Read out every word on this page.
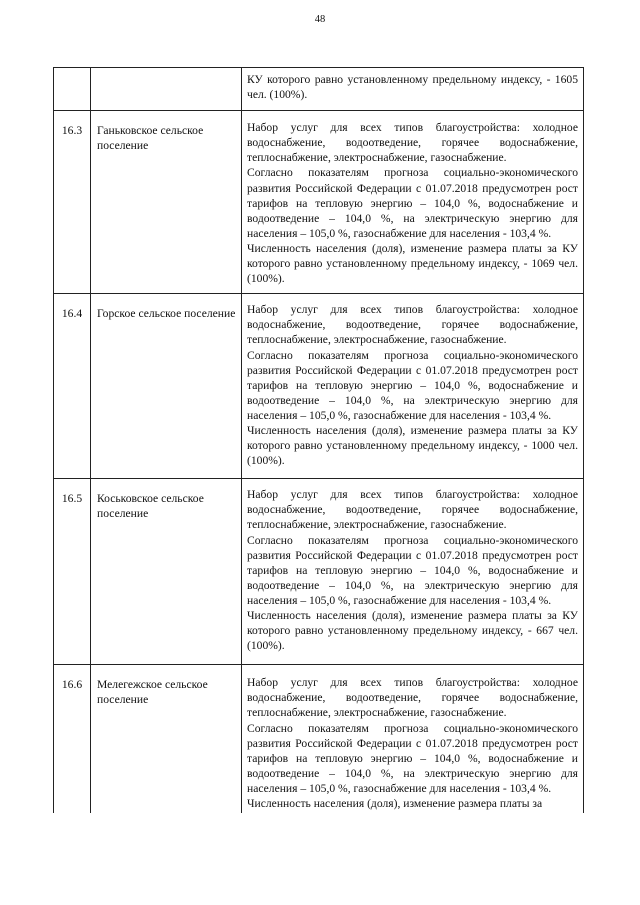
48

		КУ которого равно установленному предельному индексу, - 1605 чел. (100%).

16.3	Ганьковское сельское поселение	Набор услуг для всех типов благоустройства: холодное водоснабжение, водоотведение, горячее водоснабжение, теплоснабжение, электроснабжение, газоснабжение.

Согласно показателям прогноза социально-экономического развития Российской Федерации с 01.07.2018 предусмотрен рост тарифов на тепловую энергию – 104,0 %, водоснабжение и водоотведение – 104,0 %, на электрическую энергию для населения – 105,0 %, газоснабжение для населения - 103,4 %.

Численность населения (доля), изменение размера платы за КУ которого равно установленному предельному индексу, - 1069 чел. (100%).

16.4	Горское сельское поселение	Набор услуг для всех типов благоустройства: холодное водоснабжение, водоотведение, горячее водоснабжение, теплоснабжение, электроснабжение, газоснабжение.

Согласно показателям прогноза социально-экономического развития Российской Федерации с 01.07.2018 предусмотрен рост тарифов на тепловую энергию – 104,0 %, водоснабжение и водоотведение – 104,0 %, на электрическую энергию для населения – 105,0 %, газоснабжение для населения - 103,4 %.

Численность населения (доля), изменение размера платы за КУ которого равно установленному предельному индексу, - 1000 чел. (100%).

16.5	Коськовское сельское поселение	Набор услуг для всех типов благоустройства: холодное водоснабжение, водоотведение, горячее водоснабжение, теплоснабжение, электроснабжение, газоснабжение.

Согласно показателям прогноза социально-экономического развития Российской Федерации с 01.07.2018 предусмотрен рост тарифов на тепловую энергию – 104,0 %, водоснабжение и водоотведение – 104,0 %, на электрическую энергию для населения – 105,0 %, газоснабжение для населения - 103,4 %.

Численность населения (доля), изменение размера платы за КУ которого равно установленному предельному индексу, - 667 чел. (100%).

16.6	Мелегежское сельское поселение	Набор услуг для всех типов благоустройства: холодное водоснабжение, водоотведение, горячее водоснабжение, теплоснабжение, электроснабжение, газоснабжение.

Согласно показателям прогноза социально-экономического развития Российской Федерации с 01.07.2018 предусмотрен рост тарифов на тепловую энергию – 104,0 %, водоснабжение и водоотведение – 104,0 %, на электрическую энергию для населения – 105,0 %, газоснабжение для населения - 103,4 %.

Численность населения (доля), изменение размера платы за
